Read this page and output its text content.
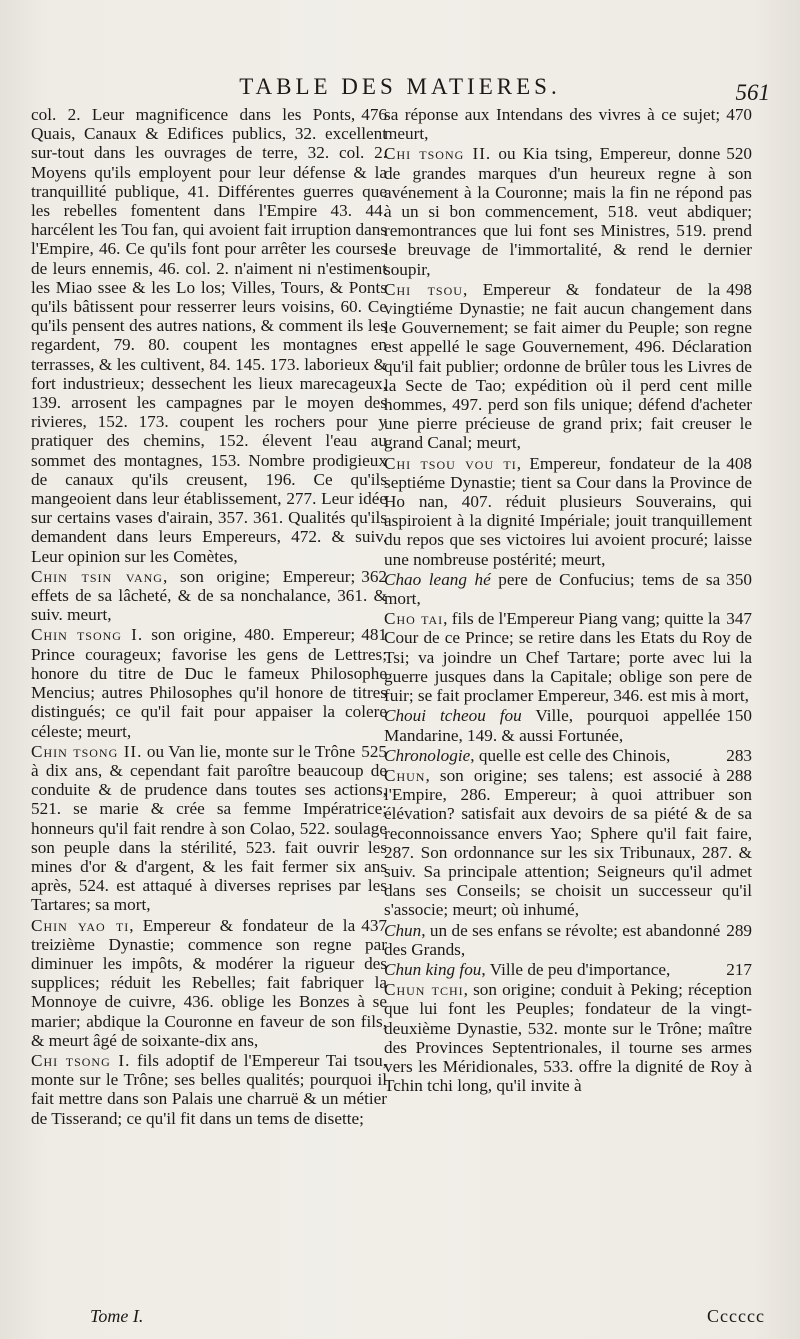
TABLE DES MATIERES.	561
476
col. 2. Leur magnificence dans les Ponts, Quais, Canaux & Edifices publics, 32. excellent sur-tout dans les ouvrages de terre, 32. col. 2. Moyens qu'ils employent pour leur défense & la tranquillité publique, 41. Différentes guerres que les rebelles fomentent dans l'Empire 43. 44. harcélent les Tou fan, qui avoient fait irruption dans l'Empire, 46. Ce qu'ils font pour arrêter les courses de leurs ennemis, 46. col. 2. n'aiment ni n'estiment les Miao ssee & les Lo los; Villes, Tours, & Ponts qu'ils bâtissent pour resserrer leurs voisins, 60. Ce qu'ils pensent des autres nations, & comment ils les regardent, 79. 80. coupent les montagnes en terrasses, & les cultivent, 84. 145. 173. laborieux & fort industrieux; dessechent les lieux marecageux, 139. arrosent les campagnes par le moyen des rivieres, 152. 173. coupent les rochers pour y pratiquer des chemins, 152. élevent l'eau au sommet des montagnes, 153. Nombre prodigieux de canaux qu'ils creusent, 196. Ce qu'ils mangeoient dans leur établissement, 277. Leur idée sur certains vases d'airain, 357. 361. Qualités qu'ils demandent dans leurs Empereurs, 472. & suiv. Leur opinion sur les Comètes,
362
Chin tsin vang, son origine; Empereur; effets de sa lâcheté, & de sa nonchalance, 361. & suiv. meurt,
481
Chin tsong I. son origine, 480. Empereur; Prince courageux; favorise les gens de Lettres; honore du titre de Duc le fameux Philosophe Mencius; autres Philosophes qu'il honore de titres distingués; ce qu'il fait pour appaiser la colere céleste; meurt,
525
Chin tsong II. ou Van lie, monte sur le Trône à dix ans, & cependant fait paroître beaucoup de conduite & de prudence dans toutes ses actions, 521. se marie & crée sa femme Impératrice; honneurs qu'il fait rendre à son Colao, 522. soulage son peuple dans la stérilité, 523. fait ouvrir les mines d'or & d'argent, & les fait fermer six ans après, 524. est attaqué à diverses reprises par les Tartares; sa mort,
437
Chin yao ti, Empereur & fondateur de la treizième Dynastie; commence son regne par diminuer les impôts, & modérer la rigueur des supplices; réduit les Rebelles; fait fabriquer la Monnoye de cuivre, 436. oblige les Bonzes à se marier; abdique la Couronne en faveur de son fils, & meurt âgé de soixante-dix ans,
Chi tsong I. fils adoptif de l'Empereur Tai tsou, monte sur le Trône; ses belles qualités; pourquoi il fait mettre dans son Palais une charruë & un métier de Tisserand; ce qu'il fit dans un tems de disette;
470
sa réponse aux Intendans des vivres à ce sujet; meurt,
520
Chi tsong II. ou Kia tsing, Empereur, donne de grandes marques d'un heureux regne à son avénement à la Couronne; mais la fin ne répond pas à un si bon commencement, 518. veut abdiquer; remontrances que lui font ses Ministres, 519. prend le breuvage de l'immortalité, & rend le dernier soupir,
498
Chi tsou, Empereur & fondateur de la vingtiéme Dynastie; ne fait aucun changement dans le Gouvernement; se fait aimer du Peuple; son regne est appellé le sage Gouvernement, 496. Déclaration qu'il fait publier; ordonne de brûler tous les Livres de la Secte de Tao; expédition où il perd cent mille hommes, 497. perd son fils unique; défend d'acheter une pierre précieuse de grand prix; fait creuser le grand Canal; meurt,
408
Chi tsou vou ti, Empereur, fondateur de la septiéme Dynastie; tient sa Cour dans la Province de Ho nan, 407. réduit plusieurs Souverains, qui aspiroient à la dignité Impériale; jouit tranquillement du repos que ses victoires lui avoient procuré; laisse une nombreuse postérité; meurt,
350
Chao leang hé pere de Confucius; tems de sa mort,
347
Cho tai, fils de l'Empereur Piang vang; quitte la Cour de ce Prince; se retire dans les Etats du Roy de Tsi; va joindre un Chef Tartare; porte avec lui la guerre jusques dans la Capitale; oblige son pere de fuir; se fait proclamer Empereur, 346. est mis à mort,
150
Choui tcheou fou Ville, pourquoi appellée Mandarine, 149. & aussi Fortunée,
283
Chronologie, quelle est celle des Chinois,
288
Chun, son origine; ses talens; est associé à l'Empire, 286. Empereur; à quoi attribuer son élévation? satisfait aux devoirs de sa piété & de sa reconnoissance envers Yao; Sphere qu'il fait faire, 287. Son ordonnance sur les six Tribunaux, 287. & suiv. Sa principale attention; Seigneurs qu'il admet dans ses Conseils; se choisit un successeur qu'il s'associe; meurt; où inhumé,
289
Chun, un de ses enfans se révolte; est abandonné des Grands,
217
Chun king fou, Ville de peu d'importance,
Chun tchi, son origine; conduit à Peking; réception que lui font les Peuples; fondateur de la vingt-deuxième Dynastie, 532. monte sur le Trône; maître des Provinces Septentrionales, il tourne ses armes vers les Méridionales, 533. offre la dignité de Roy à Tchin tchi long, qu'il invite à
Tome I.	Cccccc
